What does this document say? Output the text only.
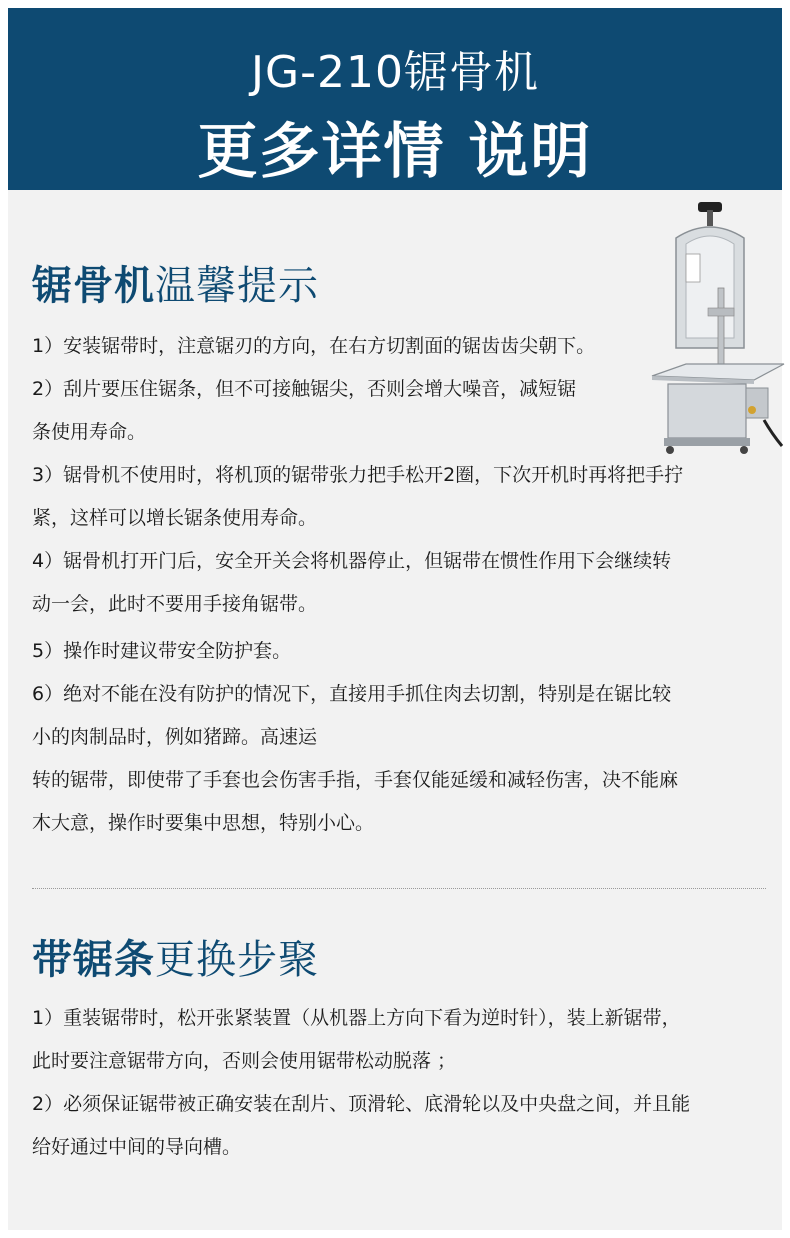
JG-210锯骨机
更多详情 说明
锯骨机温馨提示
1）安装锯带时，注意锯刃的方向，在右方切割面的锯齿齿尖朝下。
2）刮片要压住锯条，但不可接触锯尖，否则会增大噪音，减短锯
条使用寿命。
3）锯骨机不使用时，将机顶的锯带张力把手松开2圈，下次开机时再将把手拧
紧，这样可以增长锯条使用寿命。
4）锯骨机打开门后，安全开关会将机器停止，但锯带在惯性作用下会继续转
动一会，此时不要用手接角锯带。
5）操作时建议带安全防护套。
6）绝对不能在没有防护的情况下，直接用手抓住肉去切割，特别是在锯比较
小的肉制品时，例如猪蹄。高速运
转的锯带，即使带了手套也会伤害手指，手套仅能延缓和减轻伤害，决不能麻
木大意，操作时要集中思想，特别小心。
带锯条更换步聚
1）重装锯带时，松开张紧装置（从机器上方向下看为逆时针），装上新锯带，
此时要注意锯带方向，否则会使用锯带松动脱落 ；
2）必须保证锯带被正确安装在刮片、顶滑轮、底滑轮以及中央盘之间，并且能
给好通过中间的导向槽。
